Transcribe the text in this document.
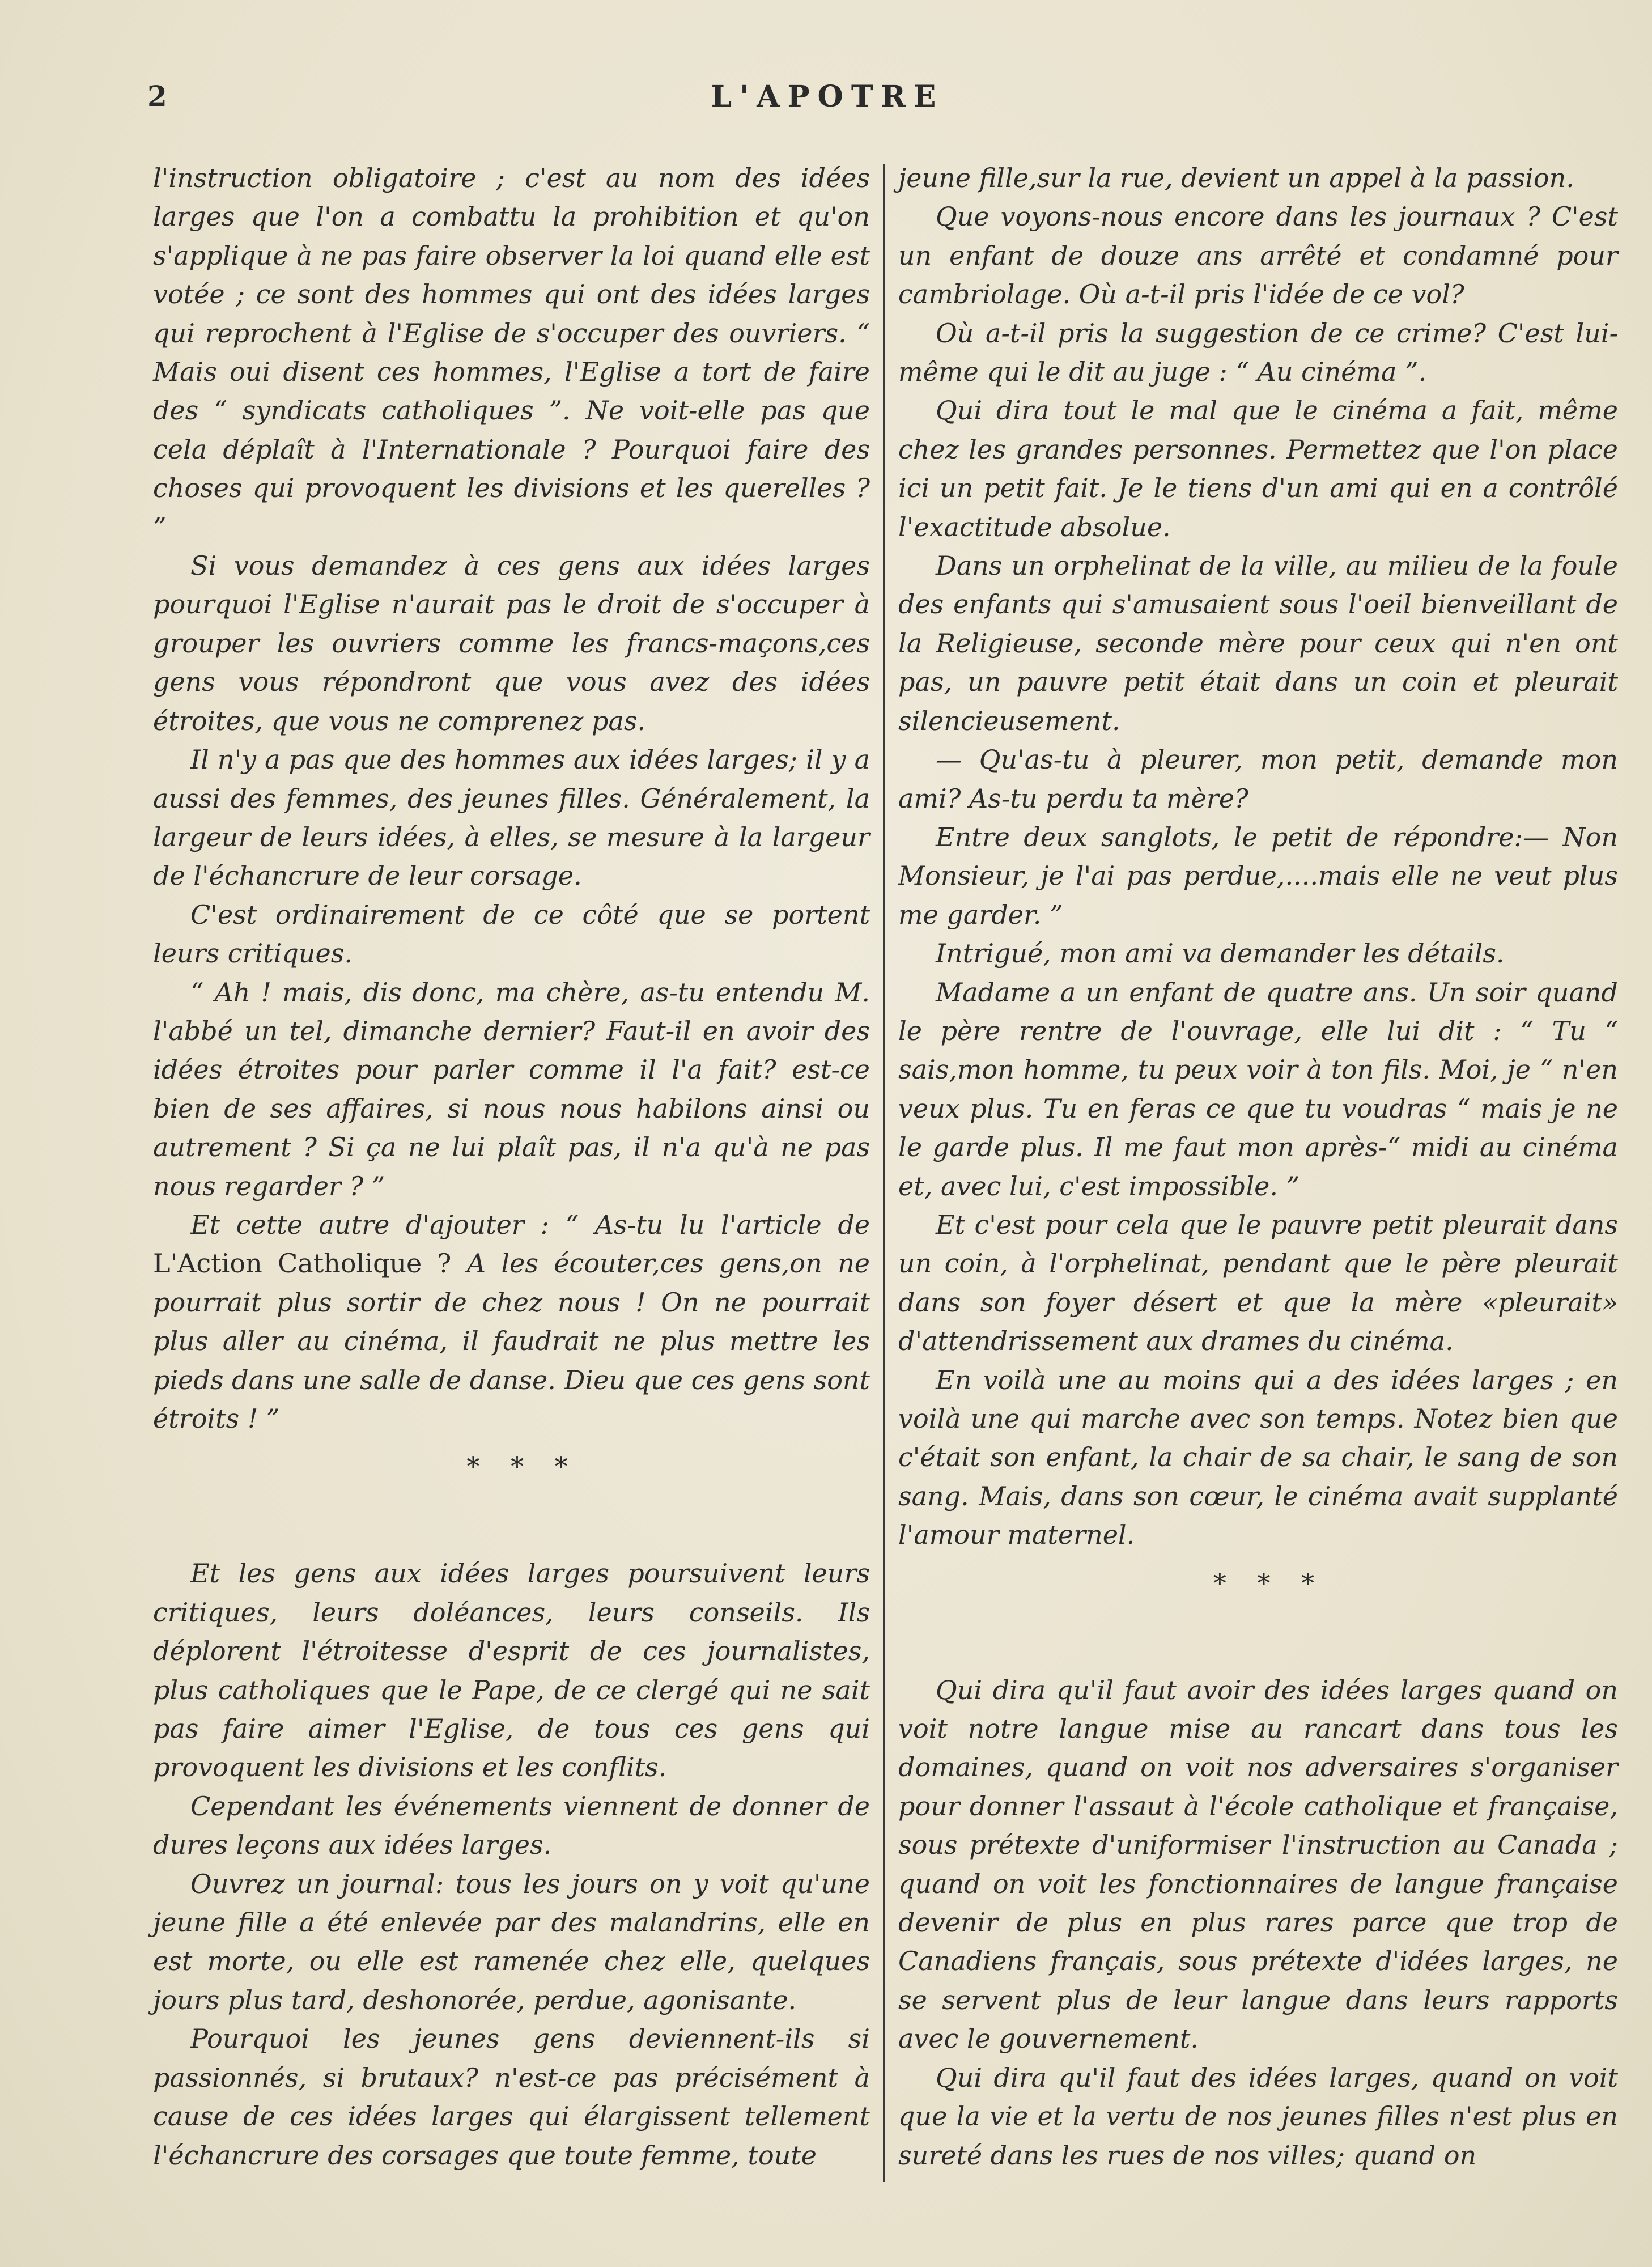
2	L'APOTRE

l'instruction obligatoire ; c'est au nom des idées larges que l'on a combattu la prohibition et qu'on s'applique à ne pas faire observer la loi quand elle est votée ; ce sont des hommes qui ont des idées larges qui reprochent à l'Eglise de s'occuper des ouvriers. “ Mais oui disent ces hommes, l'Eglise a tort de faire des “ syndicats catholiques ”. Ne voit-elle pas que cela déplaît à l'Internationale ? Pourquoi faire des choses qui provoquent les divisions et les querelles ? ”

Si vous demandez à ces gens aux idées larges pourquoi l'Eglise n'aurait pas le droit de s'occuper à grouper les ouvriers comme les francs-maçons,ces gens vous répondront que vous avez des idées étroites, que vous ne comprenez pas.

Il n'y a pas que des hommes aux idées larges; il y a aussi des femmes, des jeunes filles. Généralement, la largeur de leurs idées, à elles, se mesure à la largeur de l'échancrure de leur corsage.

C'est ordinairement de ce côté que se portent leurs critiques.

“ Ah ! mais, dis donc, ma chère, as-tu entendu M. l'abbé un tel, dimanche dernier? Faut-il en avoir des idées étroites pour parler comme il l'a fait? est-ce bien de ses affaires, si nous nous habilons ainsi ou autrement ? Si ça ne lui plaît pas, il n'a qu'à ne pas nous regarder ? ”

Et cette autre d'ajouter : “ As-tu lu l'article de L'Action Catholique ? A les écouter,ces gens,on ne pourrait plus sortir de chez nous ! On ne pourrait plus aller au cinéma, il faudrait ne plus mettre les pieds dans une salle de danse. Dieu que ces gens sont étroits ! ”

* * *

Et les gens aux idées larges poursuivent leurs critiques, leurs doléances, leurs conseils. Ils déplorent l'étroitesse d'esprit de ces journalistes, plus catholiques que le Pape, de ce clergé qui ne sait pas faire aimer l'Eglise, de tous ces gens qui provoquent les divisions et les conflits.

Cependant les événements viennent de donner de dures leçons aux idées larges.

Ouvrez un journal: tous les jours on y voit qu'une jeune fille a été enlevée par des malandrins, elle en est morte, ou elle est ramenée chez elle, quelques jours plus tard, deshonorée, perdue, agonisante.

Pourquoi les jeunes gens deviennent-ils si passionnés, si brutaux? n'est-ce pas précisément à cause de ces idées larges qui élargissent tellement l'échancrure des corsages que toute femme, toute

jeune fille,sur la rue, devient un appel à la passion.

Que voyons-nous encore dans les journaux ? C'est un enfant de douze ans arrêté et condamné pour cambriolage. Où a-t-il pris l'idée de ce vol?

Où a-t-il pris la suggestion de ce crime? C'est lui-même qui le dit au juge : “ Au cinéma ”.

Qui dira tout le mal que le cinéma a fait, même chez les grandes personnes. Permettez que l'on place ici un petit fait. Je le tiens d'un ami qui en a contrôlé l'exactitude absolue.

Dans un orphelinat de la ville, au milieu de la foule des enfants qui s'amusaient sous l'oeil bienveillant de la Religieuse, seconde mère pour ceux qui n'en ont pas, un pauvre petit était dans un coin et pleurait silencieusement.

— Qu'as-tu à pleurer, mon petit, demande mon ami? As-tu perdu ta mère?

Entre deux sanglots, le petit de répondre:— Non Monsieur, je l'ai pas perdue,....mais elle ne veut plus me garder. ”

Intrigué, mon ami va demander les détails.

Madame a un enfant de quatre ans. Un soir quand le père rentre de l'ouvrage, elle lui dit : “ Tu “ sais,mon homme, tu peux voir à ton fils. Moi, je “ n'en veux plus. Tu en feras ce que tu voudras “ mais je ne le garde plus. Il me faut mon après-“ midi au cinéma et, avec lui, c'est impossible. ”

Et c'est pour cela que le pauvre petit pleurait dans un coin, à l'orphelinat, pendant que le père pleurait dans son foyer désert et que la mère «pleurait» d'attendrissement aux drames du cinéma.

En voilà une au moins qui a des idées larges ; en voilà une qui marche avec son temps. Notez bien que c'était son enfant, la chair de sa chair, le sang de son sang. Mais, dans son cœur, le cinéma avait supplanté l'amour maternel.

* * *

Qui dira qu'il faut avoir des idées larges quand on voit notre langue mise au rancart dans tous les domaines, quand on voit nos adversaires s'organiser pour donner l'assaut à l'école catholique et française, sous prétexte d'uniformiser l'instruction au Canada ; quand on voit les fonctionnaires de langue française devenir de plus en plus rares parce que trop de Canadiens français, sous prétexte d'idées larges, ne se servent plus de leur langue dans leurs rapports avec le gouvernement.

Qui dira qu'il faut des idées larges, quand on voit que la vie et la vertu de nos jeunes filles n'est plus en sureté dans les rues de nos villes; quand on
